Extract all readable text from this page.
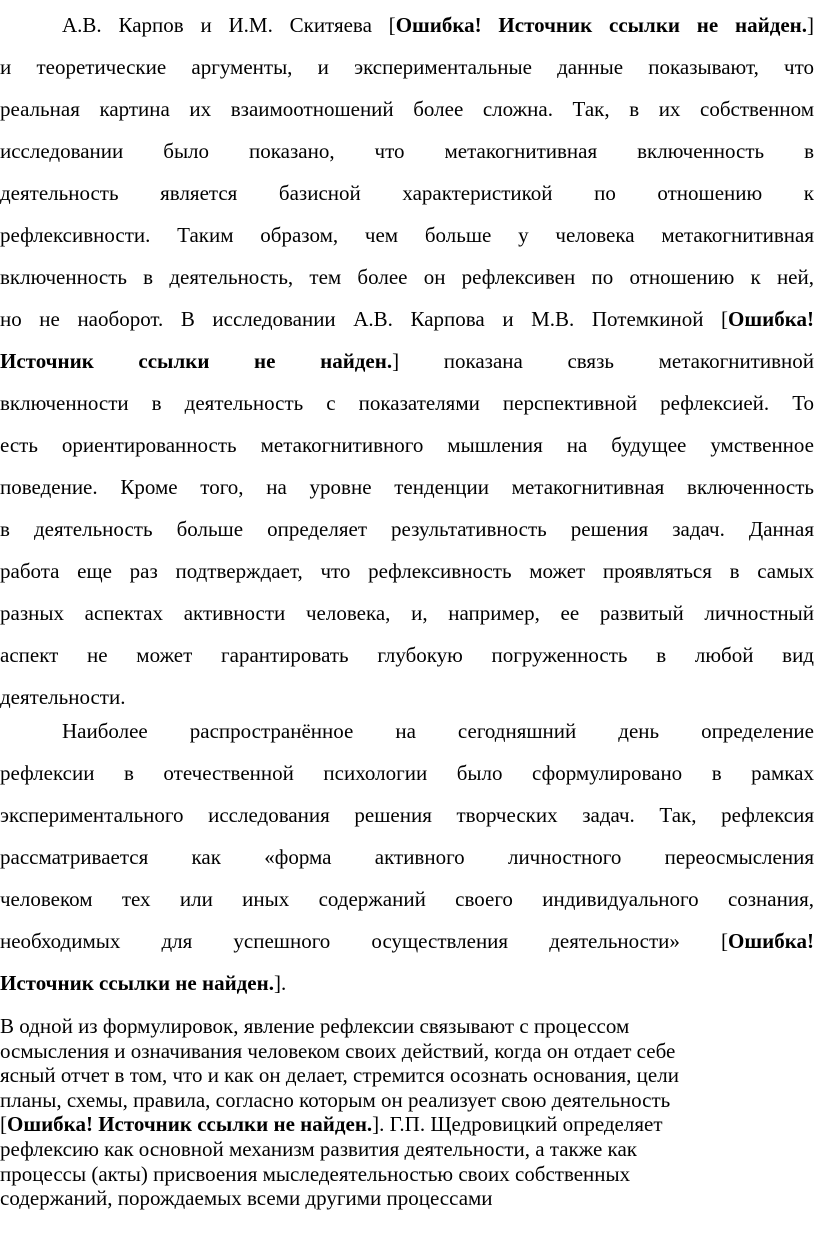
А.В. Карпов и И.М. Скитяева [Ошибка! Источник ссылки не найден.]
и теоретические аргументы, и экспериментальные данные показывают, что
реальная картина их взаимоотношений более сложна. Так, в их собственном
исследовании было показано, что метакогнитивная включенность в
деятельность является базисной характеристикой по отношению к
рефлексивности. Таким образом, чем больше у человека метакогнитивная
включенность в деятельность, тем более он рефлексивен по отношению к ней,
но не наоборот. В исследовании А.В. Карпова и М.В. Потемкиной [Ошибка!
Источник ссылки не найден.] показана связь метакогнитивной
включенности в деятельность с показателями перспективной рефлексией. То
есть ориентированность метакогнитивного мышления на будущее умственное
поведение. Кроме того, на уровне тенденции метакогнитивная включенность
в деятельность больше определяет результативность решения задач. Данная
работа еще раз подтверждает, что рефлексивность может проявляться в самых
разных аспектах активности человека, и, например, ее развитый личностный
аспект не может гарантировать глубокую погруженность в любой вид
деятельности.
Наиболее распространённое на сегодняшний день определение
рефлексии в отечественной психологии было сформулировано в рамках
экспериментального исследования решения творческих задач. Так, рефлексия
рассматривается как «форма активного личностного переосмысления
человеком тех или иных содержаний своего индивидуального сознания,
необходимых для успешного осуществления деятельности» [Ошибка!
Источник ссылки не найден.].
В одной из формулировок, явление рефлексии связывают с процессом
осмысления и означивания человеком своих действий, когда он отдает себе
ясный отчет в том, что и как он делает, стремится осознать основания, цели
планы, схемы, правила, согласно которым он реализует свою деятельность
[Ошибка! Источник ссылки не найден.]. Г.П. Щедровицкий определяет
рефлексию как основной механизм развития деятельности, а также как
процессы (акты) присвоения мыследеятельностью своих собственных
содержаний, порождаемых всеми другими процессами
